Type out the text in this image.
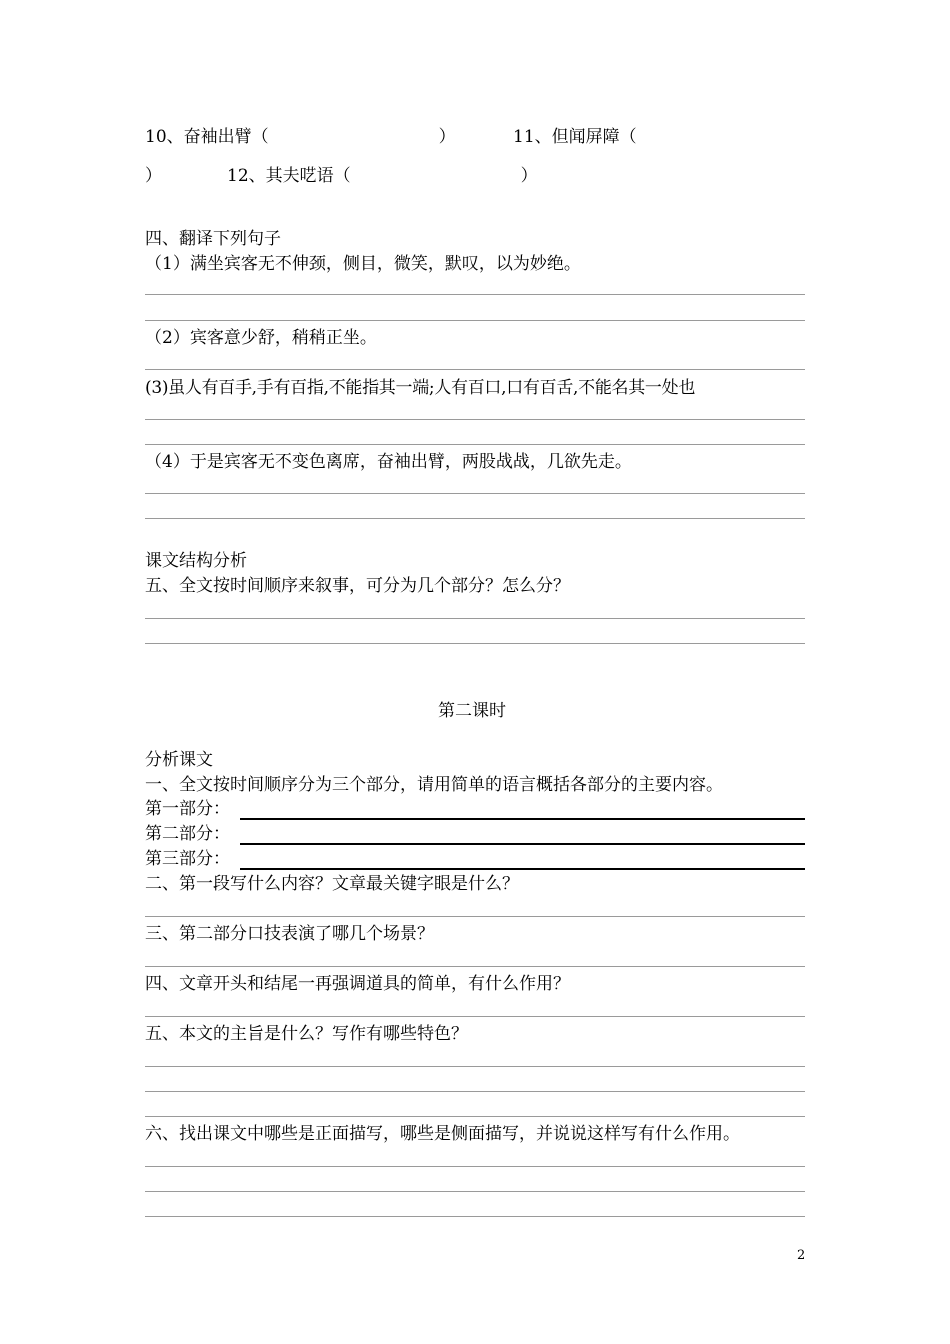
10、奋袖出臂（　　　　　　　　　　）	11、但闻屏障（
）	12、其夫呓语（　　　　　　　　　　）
四、翻译下列句子
（1）满坐宾客无不伸颈，侧目，微笑，默叹，以为妙绝。
（2）宾客意少舒，稍稍正坐。
(3)虽人有百手,手有百指,不能指其一端;人有百口,口有百舌,不能名其一处也
（4）于是宾客无不变色离席，奋袖出臂，两股战战，几欲先走。
课文结构分析
五、全文按时间顺序来叙事，可分为几个部分？怎么分？
第二课时
分析课文
一、全文按时间顺序分为三个部分，请用简单的语言概括各部分的主要内容。
第一部分：
第二部分：
第三部分：
二、第一段写什么内容？文章最关键字眼是什么？
三、第二部分口技表演了哪几个场景？
四、文章开头和结尾一再强调道具的简单，有什么作用？
五、本文的主旨是什么？写作有哪些特色？
六、找出课文中哪些是正面描写，哪些是侧面描写，并说说这样写有什么作用。
2
